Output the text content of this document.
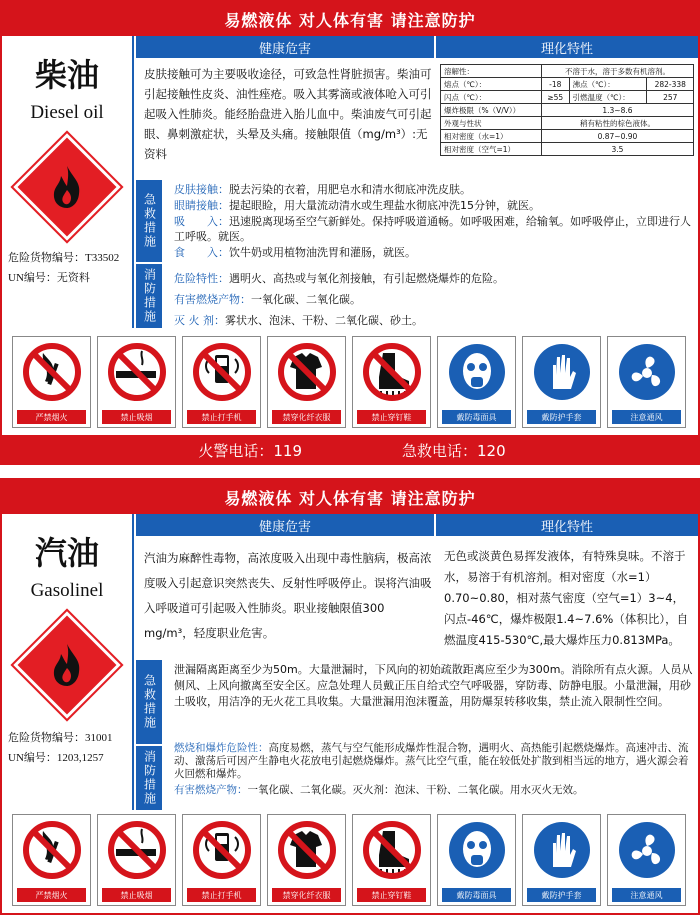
易燃液体 对人体有害 请注意防护
柴油
Diesel oil
危险货物编号：T33502
UN编号：无资料
健康危害	理化特性
皮肤接触可为主要吸收途径，可致急性肾脏损害。柴油可引起接触性皮炎、油性痤疮。吸入其雾滴或液体呛入可引起吸入性肺炎。能经胎盘进入胎儿血中。柴油废气可引起眼、鼻刺激症状，头晕及头痛。接触限值（mg/m³）:无资料
溶解性：	不溶于水，溶于多数有机溶剂。		
熔点（℃）：	-18	沸点（℃）：	282-338
闪点（℃）：	≥55	引燃温度（℃）：	257
爆炸极限（%（V/V））	1.3~8.6		
外观与性状	稍有粘性的棕色液体。		
相对密度（水=1）	0.87~0.90		
相对密度（空气=1）	3.5		
急救措施
皮肤接触：脱去污染的衣着，用肥皂水和清水彻底冲洗皮肤。
眼睛接触：提起眼睑，用大量流动清水或生理盐水彻底冲洗15分钟，就医。
吸　　入：迅速脱离现场至空气新鲜处。保持呼吸道通畅。如呼吸困难，给输氧。如呼吸停止，立即进行人工呼吸。就医。
食　　入：饮牛奶或用植物油洗胃和灌肠，就医。
消防措施	危险特性：遇明火、高热或与氧化剂接触，有引起燃烧爆炸的危险。
有害燃烧产物：一氧化碳、二氧化碳。
灭 火 剂：雾状水、泡沫、干粉、二氧化碳、砂土。
严禁烟火	禁止吸烟	禁止打手机	禁穿化纤衣服	禁止穿钉鞋	戴防毒面具	戴防护手套	注意通风
火警电话：119	急救电话：120
易燃液体 对人体有害 请注意防护
汽油
Gasolinel
危险货物编号：31001
UN编号：1203,1257
健康危害	理化特性
汽油为麻醉性毒物，高浓度吸入出现中毒性脑病，极高浓度吸入引起意识突然丧失、反射性呼吸停止。误将汽油吸入呼吸道可引起吸入性肺炎。职业接触限值300 mg/m³，轻度职业危害。
无色或淡黄色易挥发液体，有特殊臭味。不溶于水，易溶于有机溶剂。相对密度（水=1）0.70~0.80，相对蒸气密度（空气=1）3~4，闪点-46℃，爆炸极限1.4~7.6%（体积比），自燃温度415-530℃,最大爆炸压力0.813MPa。
急救措施
泄漏隔离距离至少为50m。大量泄漏时，下风向的初始疏散距离应至少为300m。消除所有点火源。人员从侧风、上风向撤离至安全区。应急处理人员戴正压自给式空气呼吸器，穿防毒、防静电服。小量泄漏，用砂土吸收，用洁净的无火花工具收集。大量泄漏用泡沫覆盖，用防爆泵转移收集，禁止流入限制性空间。
消防措施
燃烧和爆炸危险性：高度易燃，蒸气与空气能形成爆炸性混合物，遇明火、高热能引起燃烧爆炸。高速冲击、流动、激荡后可因产生静电火花放电引起燃烧爆炸。蒸气比空气重，能在较低处扩散到相当远的地方，遇火源会着火回燃和爆炸。
有害燃烧产物：一氧化碳、二氧化碳。灭火剂：泡沫、干粉、二氧化碳。用水灭火无效。
严禁烟火	禁止吸烟	禁止打手机	禁穿化纤衣服	禁止穿钉鞋	戴防毒面具	戴防护手套	注意通风
